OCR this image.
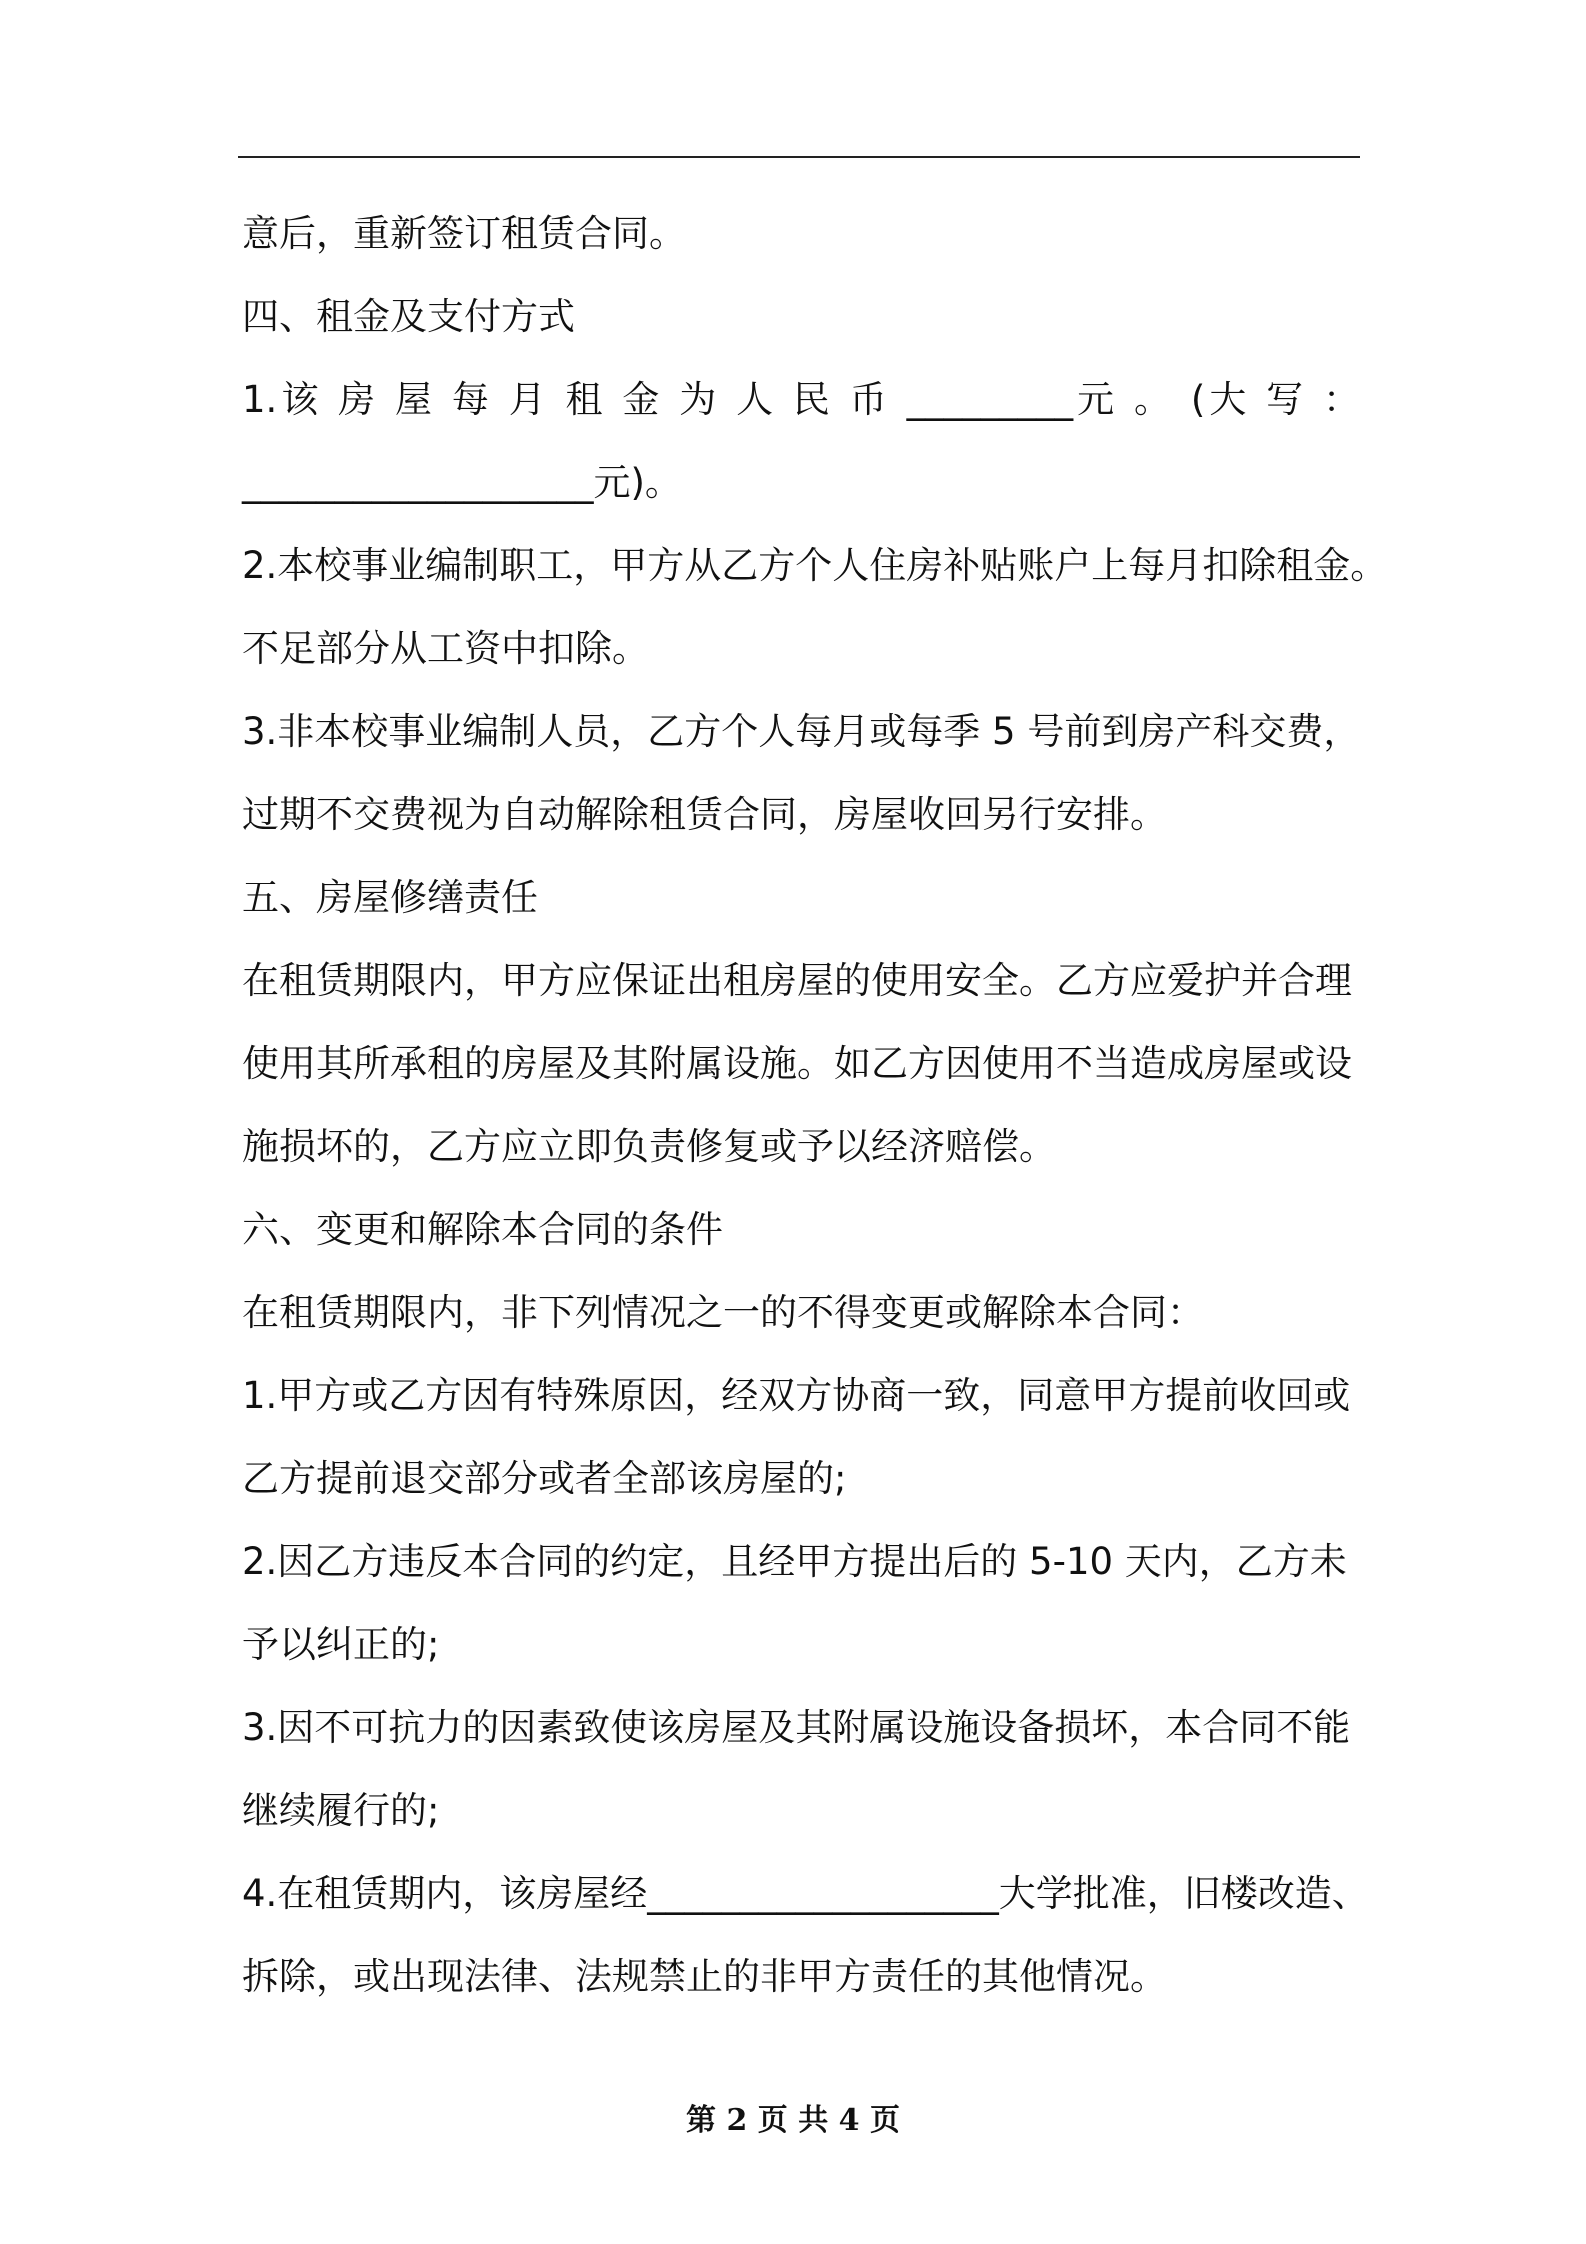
意后，重新签订租赁合同。
四、租金及支付方式
1.该 房 屋 每 月 租 金 为 人 民 币 _________元 。 (大 写 ：
___________________元)。
2.本校事业编制职工，甲方从乙方个人住房补贴账户上每月扣除租金。
不足部分从工资中扣除。
3.非本校事业编制人员，乙方个人每月或每季 5 号前到房产科交费，
过期不交费视为自动解除租赁合同，房屋收回另行安排。
五、房屋修缮责任
在租赁期限内，甲方应保证出租房屋的使用安全。乙方应爱护并合理
使用其所承租的房屋及其附属设施。如乙方因使用不当造成房屋或设
施损坏的，乙方应立即负责修复或予以经济赔偿。
六、变更和解除本合同的条件
在租赁期限内，非下列情况之一的不得变更或解除本合同：
1.甲方或乙方因有特殊原因，经双方协商一致，同意甲方提前收回或
乙方提前退交部分或者全部该房屋的;
2.因乙方违反本合同的约定，且经甲方提出后的 5-10 天内，乙方未
予以纠正的;
3.因不可抗力的因素致使该房屋及其附属设施设备损坏，本合同不能
继续履行的;
4.在租赁期内，该房屋经___________________大学批准，旧楼改造、
拆除，或出现法律、法规禁止的非甲方责任的其他情况。
第 2 页 共 4 页
